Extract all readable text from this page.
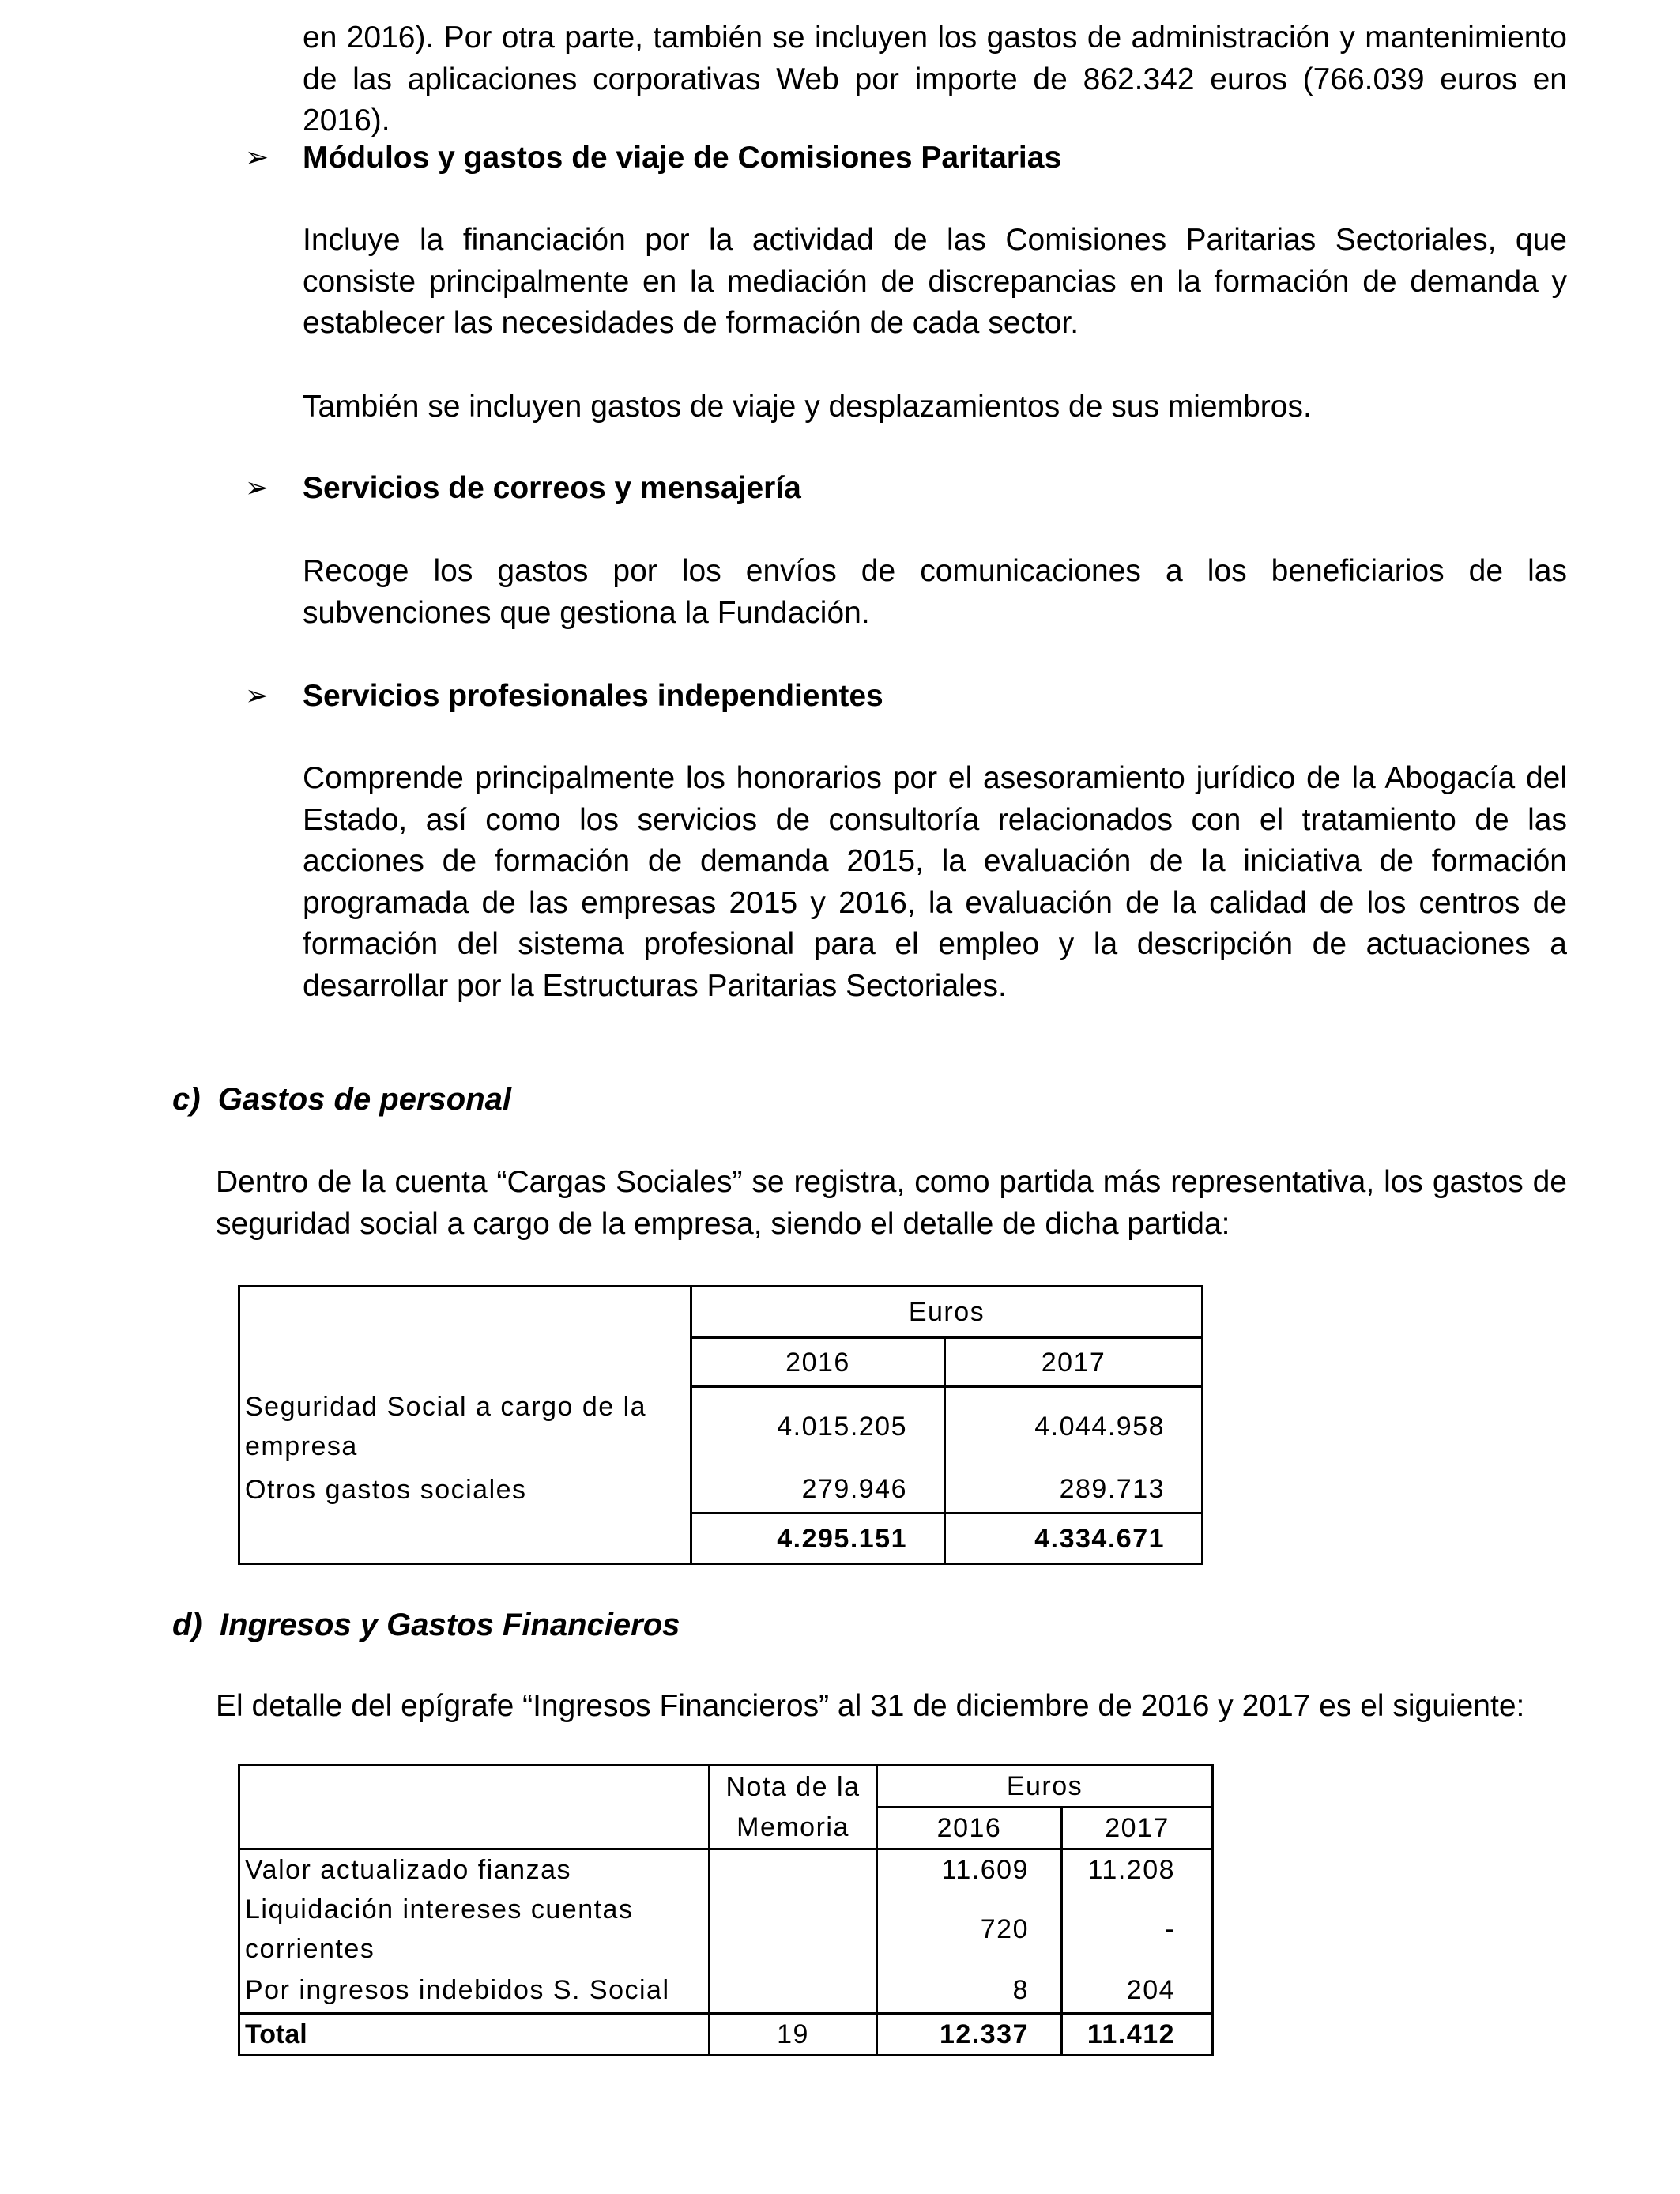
en 2016). Por otra parte, también se incluyen los gastos de administración y mantenimiento de las aplicaciones corporativas Web por importe de 862.342 euros (766.039 euros en 2016).

➢ Módulos y gastos de viaje de Comisiones Paritarias

Incluye la financiación por la actividad de las Comisiones Paritarias Sectoriales, que consiste principalmente en la mediación de discrepancias en la formación de demanda y establecer las necesidades de formación de cada sector.

También se incluyen gastos de viaje y desplazamientos de sus miembros.

➢ Servicios de correos y mensajería

Recoge los gastos por los envíos de comunicaciones a los beneficiarios de las subvenciones que gestiona la Fundación.

➢ Servicios profesionales independientes

Comprende principalmente los honorarios por el asesoramiento jurídico de la Abogacía del Estado, así como los servicios de consultoría relacionados con el tratamiento de las acciones de formación de demanda 2015, la evaluación de la iniciativa de formación programada de las empresas 2015 y 2016, la evaluación de la calidad de los centros de formación del sistema profesional para el empleo y la descripción de actuaciones a desarrollar por la Estructuras Paritarias Sectoriales.

c)  Gastos de personal

Dentro de la cuenta “Cargas Sociales” se registra, como partida más representativa, los gastos de seguridad social a cargo de la empresa, siendo el detalle de dicha partida:

	Euros	
	2016	2017
Seguridad Social a cargo de la empresa	4.015.205	4.044.958
Otros gastos sociales	279.946	289.713
	4.295.151	4.334.671
d)  Ingresos y Gastos Financieros

El detalle del epígrafe “Ingresos Financieros” al 31 de diciembre de 2016 y 2017 es el siguiente:

	Nota de la	Euros	
	Memoria	2016	2017
Valor actualizado fianzas		11.609	11.208
Liquidación intereses cuentas corrientes		720	-
Por ingresos indebidos S. Social		8	204
Total	19	12.337	11.412
